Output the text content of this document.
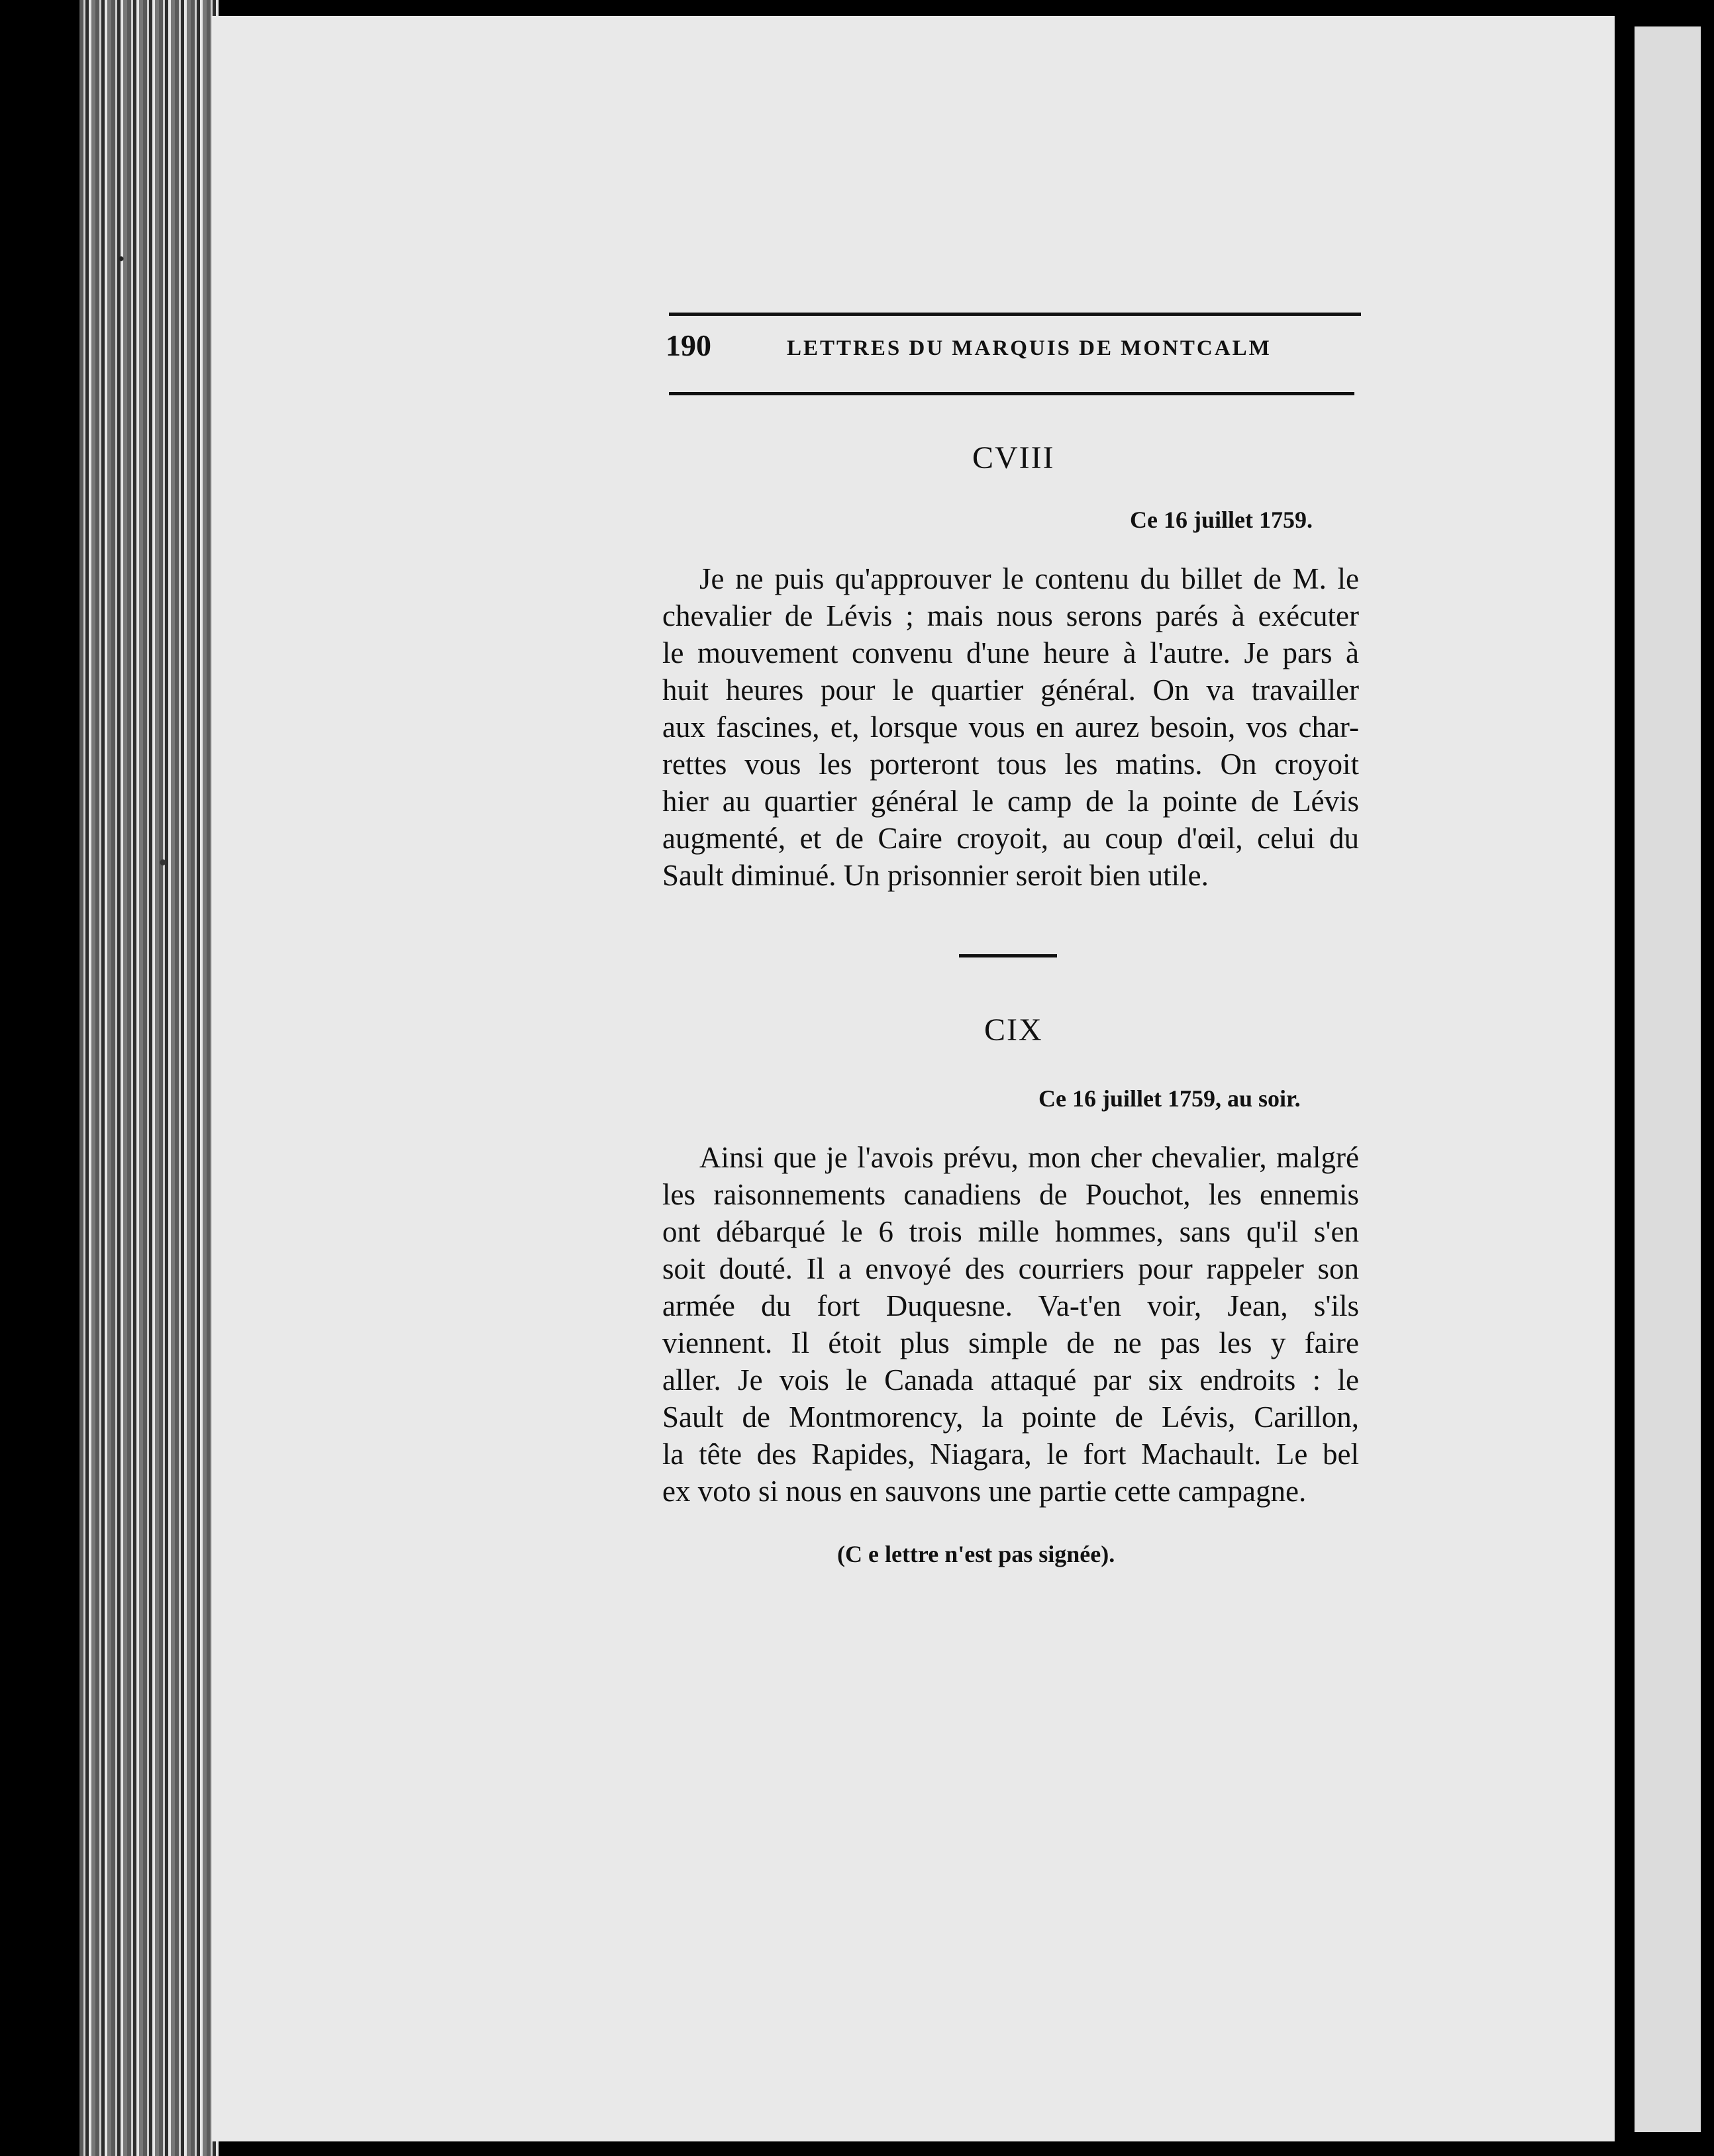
190	LETTRES DU MARQUIS DE MONTCALM
CVIII
Ce 16 juillet 1759.
Je ne puis qu'approuver le contenu du billet de M. le
chevalier de Lévis ; mais nous serons parés à exécuter
le mouvement convenu d'une heure à l'autre. Je pars à
huit heures pour le quartier général. On va travailler
aux fascines, et, lorsque vous en aurez besoin, vos char-
rettes vous les porteront tous les matins. On croyoit
hier au quartier général le camp de la pointe de Lévis
augmenté, et de Caire croyoit, au coup d'œil, celui du
Sault diminué. Un prisonnier seroit bien utile.
CIX
Ce 16 juillet 1759, au soir.
Ainsi que je l'avois prévu, mon cher chevalier, malgré
les raisonnements canadiens de Pouchot, les ennemis
ont débarqué le 6 trois mille hommes, sans qu'il s'en
soit douté. Il a envoyé des courriers pour rappeler son
armée du fort Duquesne. Va-t'en voir, Jean, s'ils
viennent. Il étoit plus simple de ne pas les y faire
aller. Je vois le Canada attaqué par six endroits : le
Sault de Montmorency, la pointe de Lévis, Carillon,
la tête des Rapides, Niagara, le fort Machault. Le bel
ex voto si nous en sauvons une partie cette campagne.
(C e lettre n'est pas signée).
